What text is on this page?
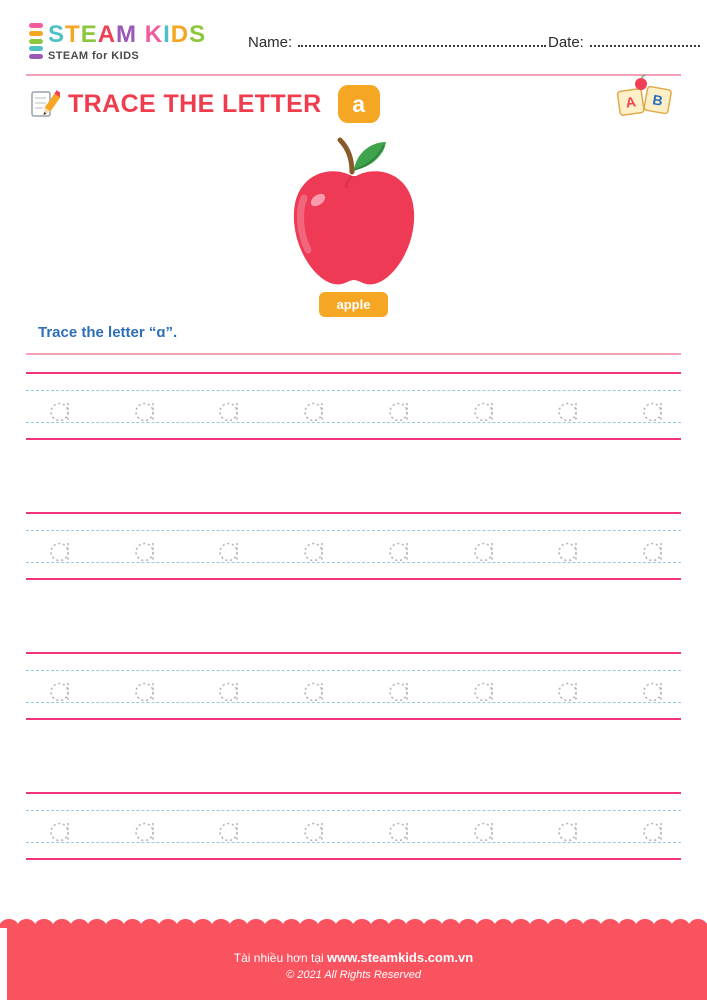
STEAM KIDS
STEAM for KIDS
Name:	Date:
TRACE THE LETTER	a	A B
apple
Trace the letter “ɑ”.
Tài nhiều hơn tại www.steamkids.com.vn
© 2021 All Rights Reserved
